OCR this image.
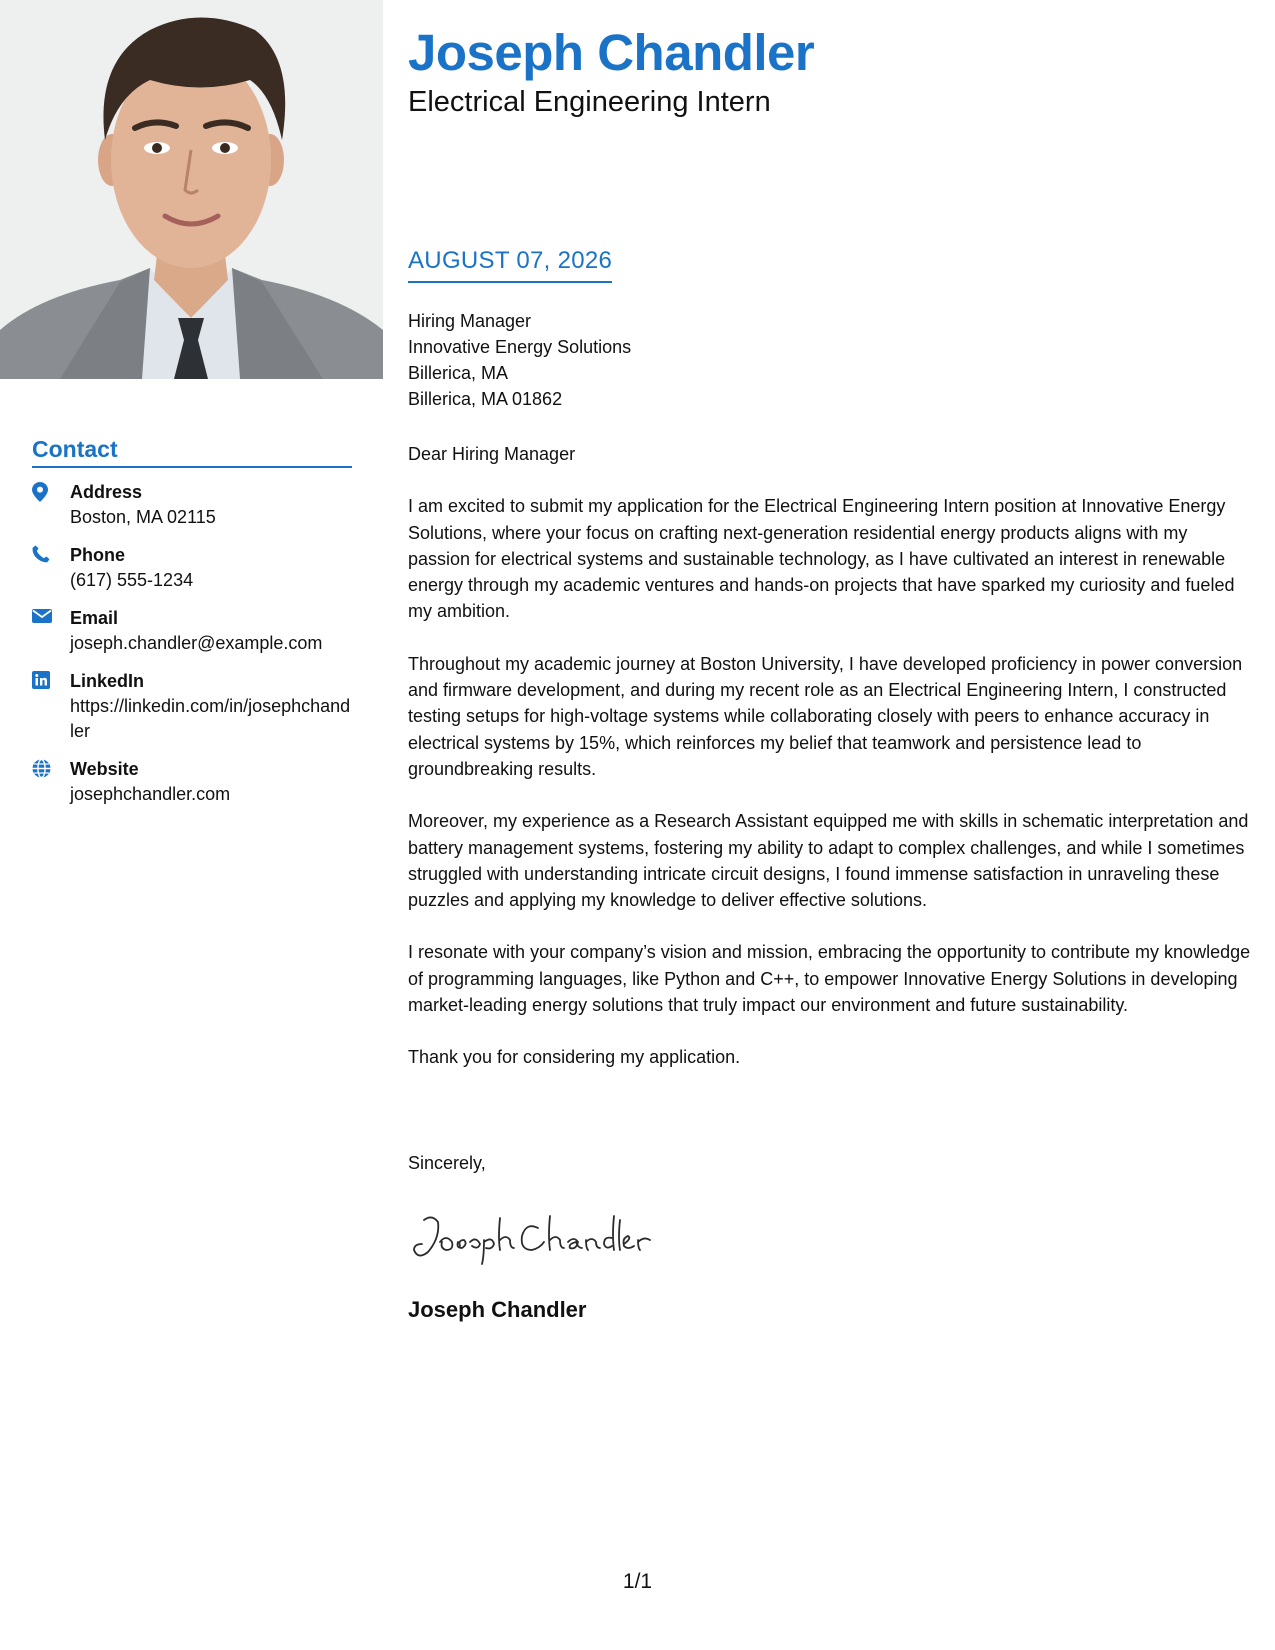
Contact
Address
Boston, MA 02115
Phone
(617) 555-1234
Email
joseph.chandler@example.com
LinkedIn
https://linkedin.com/in/josephchandler
Website
josephchandler.com
Joseph Chandler
Electrical Engineering Intern
AUGUST 07, 2026
Hiring Manager
Innovative Energy Solutions
Billerica, MA
Billerica, MA 01862

Dear Hiring Manager

I am excited to submit my application for the Electrical Engineering Intern position at Innovative Energy Solutions, where your focus on crafting next-generation residential energy products aligns with my passion for electrical systems and sustainable technology, as I have cultivated an interest in renewable energy through my academic ventures and hands-on projects that have sparked my curiosity and fueled my ambition.

Throughout my academic journey at Boston University, I have developed proficiency in power conversion and firmware development, and during my recent role as an Electrical Engineering Intern, I constructed testing setups for high-voltage systems while collaborating closely with peers to enhance accuracy in electrical systems by 15%, which reinforces my belief that teamwork and persistence lead to groundbreaking results.

Moreover, my experience as a Research Assistant equipped me with skills in schematic interpretation and battery management systems, fostering my ability to adapt to complex challenges, and while I sometimes struggled with understanding intricate circuit designs, I found immense satisfaction in unraveling these puzzles and applying my knowledge to deliver effective solutions.

I resonate with your company’s vision and mission, embracing the opportunity to contribute my knowledge of programming languages, like Python and C++, to empower Innovative Energy Solutions in developing market-leading energy solutions that truly impact our environment and future sustainability.

Thank you for considering my application.

Sincerely,
Joseph Chandler
1/1
